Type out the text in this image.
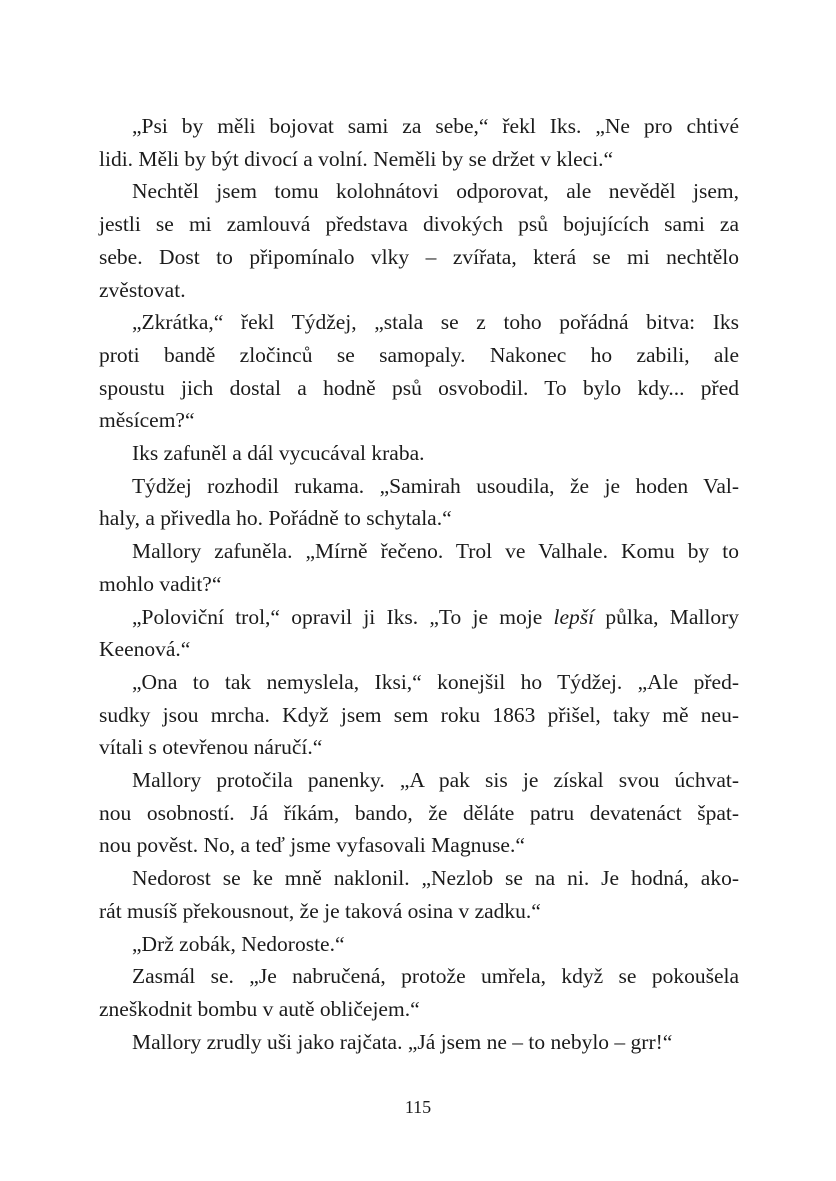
„Psi by měli bojovat sami za sebe,“ řekl Iks. „Ne pro chtivé
lidi. Měli by být divocí a volní. Neměli by se držet v kleci.“
Nechtěl jsem tomu kolohnátovi odporovat, ale nevěděl jsem,
jestli se mi zamlouvá představa divokých psů bojujících sami za
sebe. Dost to připomínalo vlky – zvířata, která se mi nechtělo
zvěstovat.
„Zkrátka,“ řekl Týdžej, „stala se z toho pořádná bitva: Iks
proti bandě zločinců se samopaly. Nakonec ho zabili, ale
spoustu jich dostal a hodně psů osvobodil. To bylo kdy... před
měsícem?“
Iks zafuněl a dál vycucával kraba.
Týdžej rozhodil rukama. „Samirah usoudila, že je hoden Val-
haly, a přivedla ho. Pořádně to schytala.“
Mallory zafuněla. „Mírně řečeno. Trol ve Valhale. Komu by to
mohlo vadit?“
„Poloviční trol,“ opravil ji Iks. „To je moje lepší půlka, Mallory
Keenová.“
„Ona to tak nemyslela, Iksi,“ konejšil ho Týdžej. „Ale před-
sudky jsou mrcha. Když jsem sem roku 1863 přišel, taky mě neu-
vítali s otevřenou náručí.“
Mallory protočila panenky. „A pak sis je získal svou úchvat-
nou osobností. Já říkám, bando, že děláte patru devatenáct špat-
nou pověst. No, a teď jsme vyfasovali Magnuse.“
Nedorost se ke mně naklonil. „Nezlob se na ni. Je hodná, ako-
rát musíš překousnout, že je taková osina v zadku.“
„Drž zobák, Nedoroste.“
Zasmál se. „Je nabručená, protože umřela, když se pokoušela
zneškodnit bombu v autě obličejem.“
Mallory zrudly uši jako rajčata. „Já jsem ne – to nebylo – grr!“
115
